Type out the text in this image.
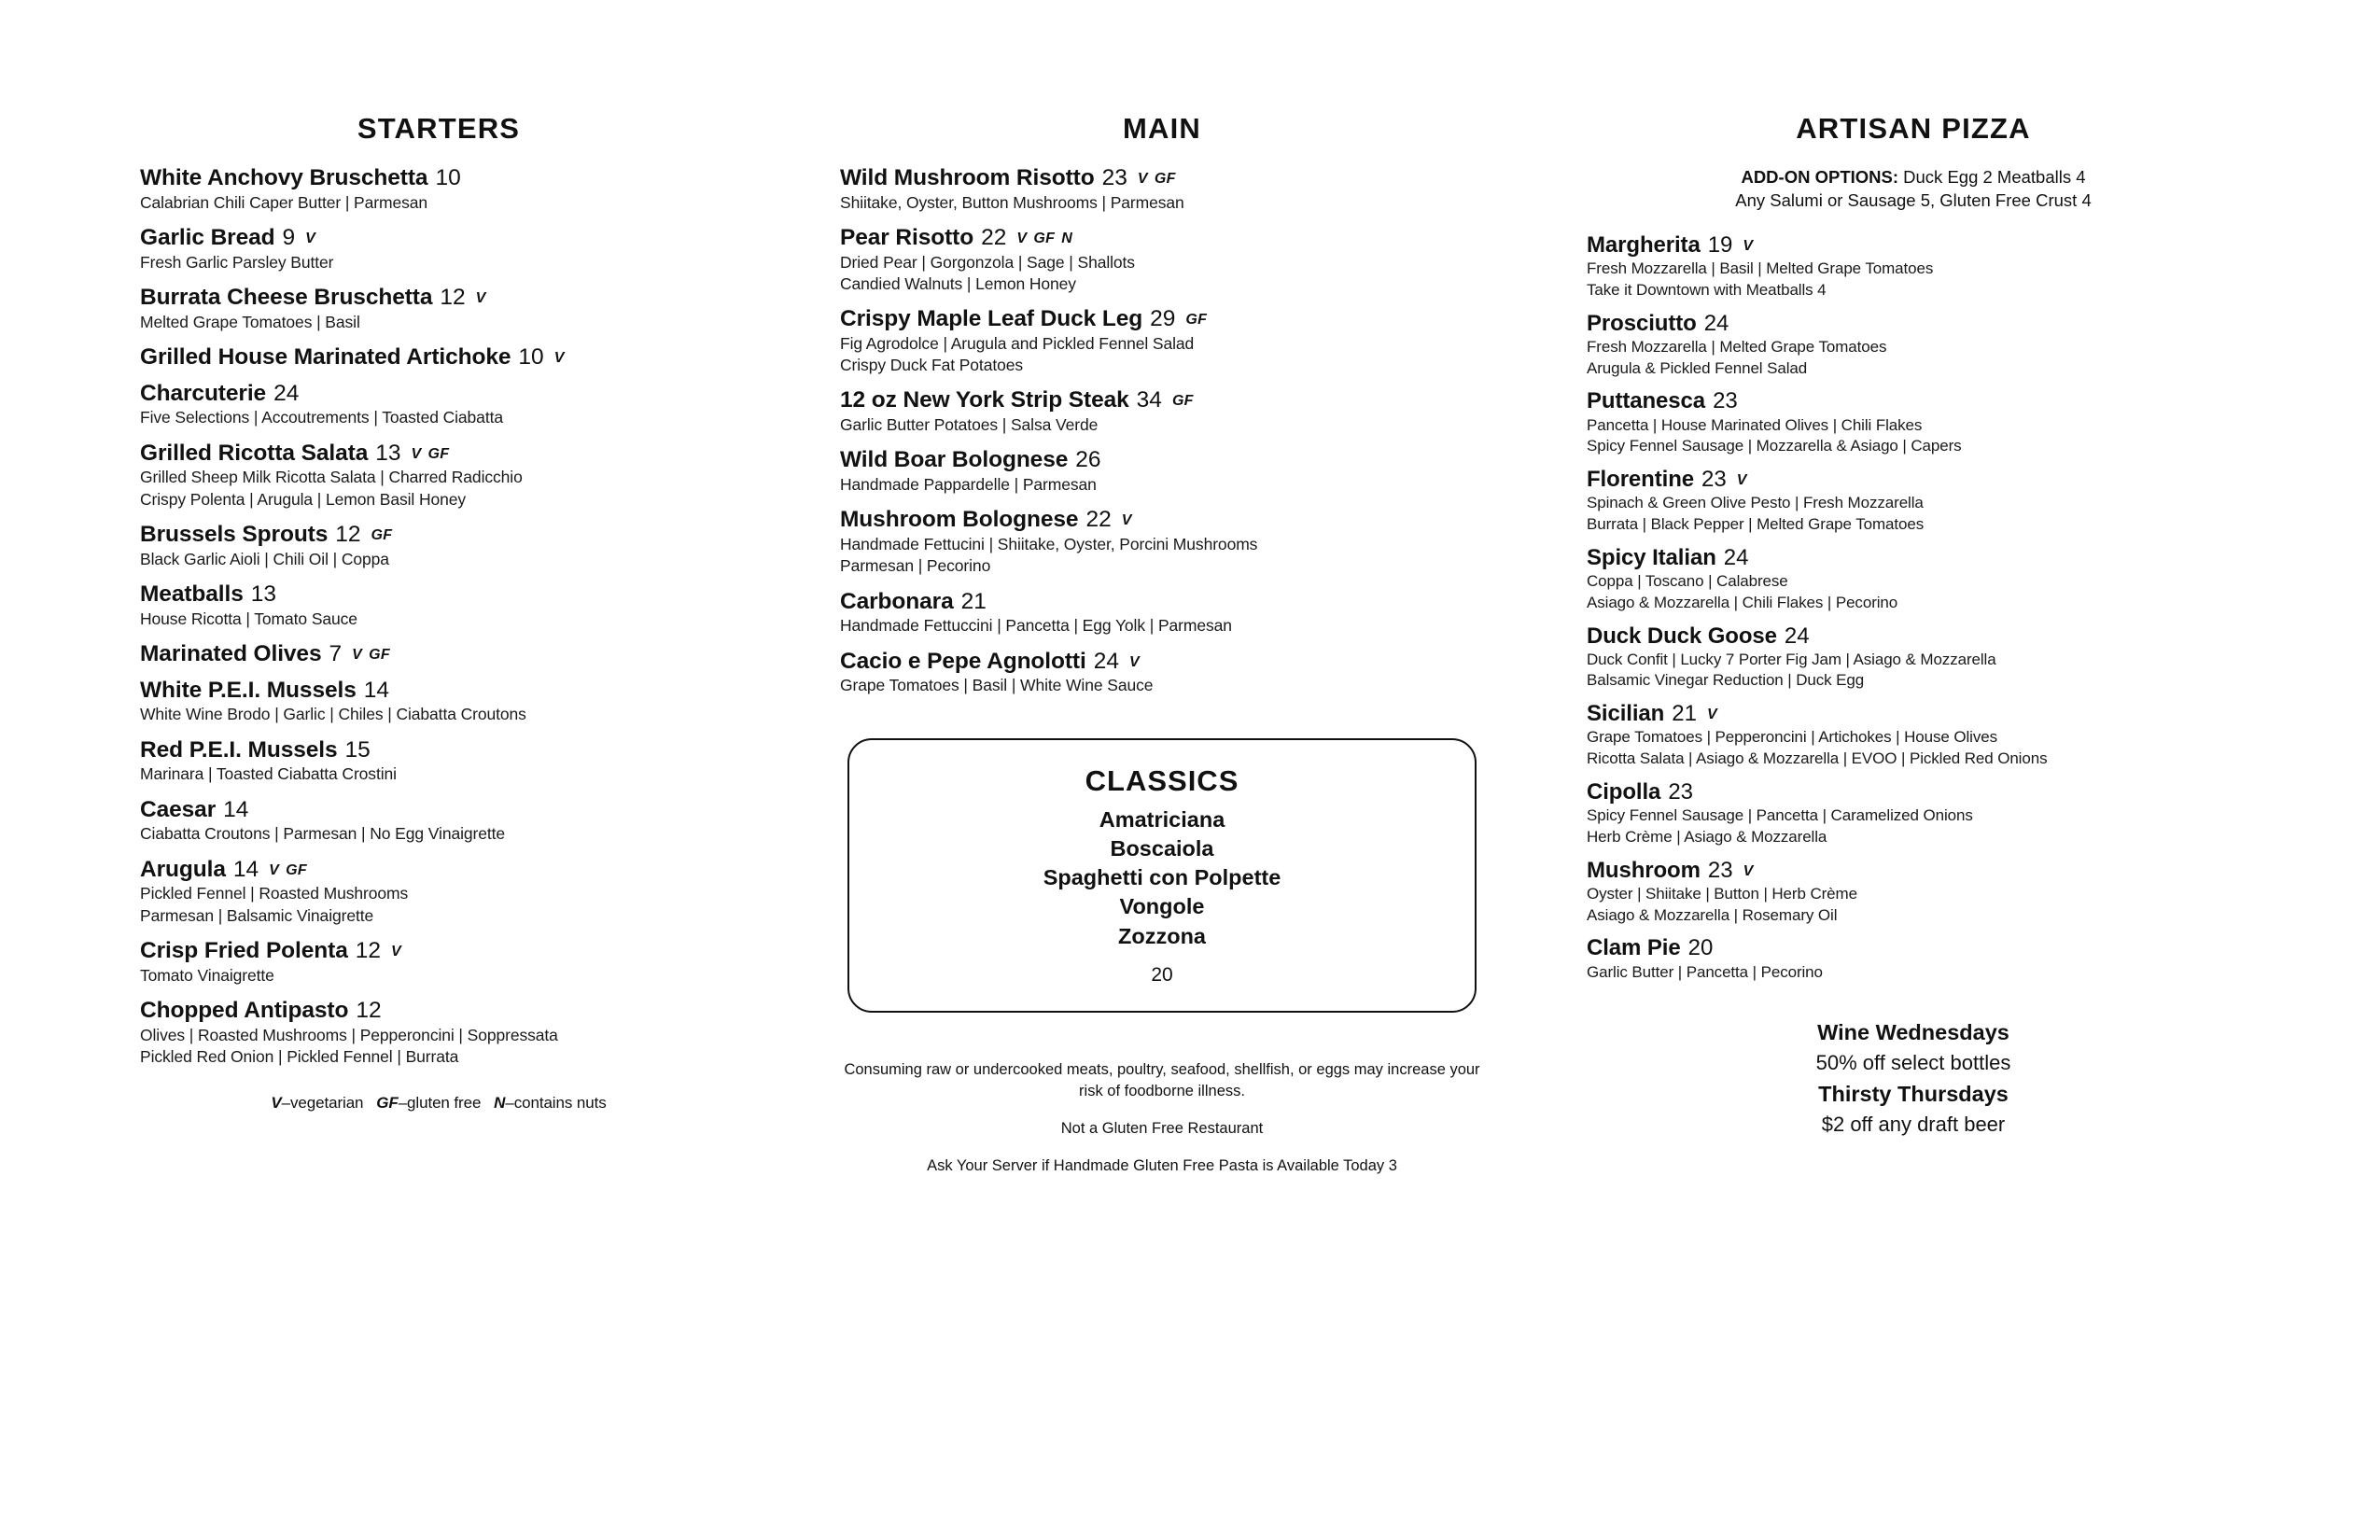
STARTERS
White Anchovy Bruschetta 10
Calabrian Chili Caper Butter | Parmesan
Garlic Bread 9 V
Fresh Garlic Parsley Butter
Burrata Cheese Bruschetta 12 V
Melted Grape Tomatoes | Basil
Grilled House Marinated Artichoke 10 V
Charcuterie 24
Five Selections | Accoutrements | Toasted Ciabatta
Grilled Ricotta Salata 13 V GF
Grilled Sheep Milk Ricotta Salata | Charred Radicchio
Crispy Polenta | Arugula | Lemon Basil Honey
Brussels Sprouts 12 GF
Black Garlic Aioli | Chili Oil | Coppa
Meatballs 13
House Ricotta | Tomato Sauce
Marinated Olives 7 V GF
White P.E.I. Mussels 14
White Wine Brodo | Garlic | Chiles | Ciabatta Croutons
Red P.E.I. Mussels 15
Marinara | Toasted Ciabatta Crostini
Caesar 14
Ciabatta Croutons | Parmesan | No Egg Vinaigrette
Arugula 14 V GF
Pickled Fennel | Roasted Mushrooms
Parmesan | Balsamic Vinaigrette
Crisp Fried Polenta 12 V
Tomato Vinaigrette
Chopped Antipasto 12
Olives | Roasted Mushrooms | Pepperoncini | Soppressata
Pickled Red Onion | Pickled Fennel | Burrata
V–vegetarian GF–gluten free N–contains nuts
MAIN
Wild Mushroom Risotto 23 V GF
Shiitake, Oyster, Button Mushrooms | Parmesan
Pear Risotto 22 V GF N
Dried Pear | Gorgonzola | Sage | Shallots
Candied Walnuts | Lemon Honey
Crispy Maple Leaf Duck Leg 29 GF
Fig Agrodolce | Arugula and Pickled Fennel Salad
Crispy Duck Fat Potatoes
12 oz New York Strip Steak 34 GF
Garlic Butter Potatoes | Salsa Verde
Wild Boar Bolognese 26
Handmade Pappardelle | Parmesan
Mushroom Bolognese 22 V
Handmade Fettucini | Shiitake, Oyster, Porcini Mushrooms
Parmesan | Pecorino
Carbonara 21
Handmade Fettuccini | Pancetta | Egg Yolk | Parmesan
Cacio e Pepe Agnolotti 24 V
Grape Tomatoes | Basil | White Wine Sauce
CLASSICS
Amatriciana
Boscaiola
Spaghetti con Polpette
Vongole
Zozzona
20
Consuming raw or undercooked meats, poultry, seafood, shellfish, or eggs may increase your risk of foodborne illness.
Not a Gluten Free Restaurant
Ask Your Server if Handmade Gluten Free Pasta is Available Today 3
ARTISAN PIZZA
ADD-ON OPTIONS: Duck Egg 2 Meatballs 4
Any Salumi or Sausage 5, Gluten Free Crust 4
Margherita 19 V
Fresh Mozzarella | Basil | Melted Grape Tomatoes
Take it Downtown with Meatballs 4
Prosciutto 24
Fresh Mozzarella | Melted Grape Tomatoes
Arugula & Pickled Fennel Salad
Puttanesca 23
Pancetta | House Marinated Olives | Chili Flakes
Spicy Fennel Sausage | Mozzarella & Asiago | Capers
Florentine 23 V
Spinach & Green Olive Pesto | Fresh Mozzarella
Burrata | Black Pepper | Melted Grape Tomatoes
Spicy Italian 24
Coppa | Toscano | Calabrese
Asiago & Mozzarella | Chili Flakes | Pecorino
Duck Duck Goose 24
Duck Confit | Lucky 7 Porter Fig Jam | Asiago & Mozzarella
Balsamic Vinegar Reduction | Duck Egg
Sicilian 21 V
Grape Tomatoes | Pepperoncini | Artichokes | House Olives
Ricotta Salata | Asiago & Mozzarella | EVOO | Pickled Red Onions
Cipolla 23
Spicy Fennel Sausage | Pancetta | Caramelized Onions
Herb Crème | Asiago & Mozzarella
Mushroom 23 V
Oyster | Shiitake | Button | Herb Crème
Asiago & Mozzarella | Rosemary Oil
Clam Pie 20
Garlic Butter | Pancetta | Pecorino
Wine Wednesdays
50% off select bottles
Thirsty Thursdays
$2 off any draft beer
